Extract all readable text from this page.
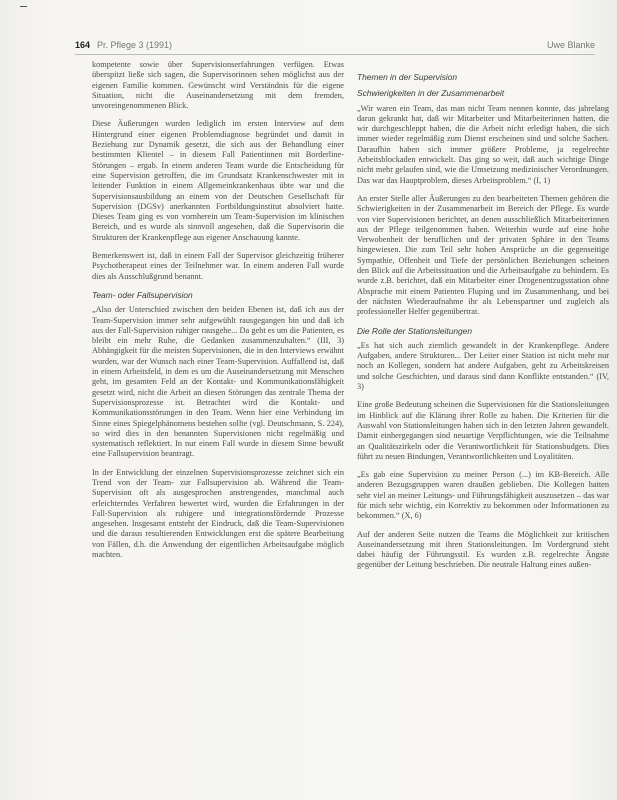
164 Pr. Pflege 3 (1991)	Uwe Blanke

kompetente sowie über Supervisionserfahrungen verfügen. Etwas überspitzt ließe sich sagen, die Supervisorinnen sehen möglichst aus der eigenen Familie kommen. Gewünscht wird Verständnis für die eigene Situation, nicht die Auseinandersetzung mit dem fremden, unvoreingenommenen Blick.

Diese Äußerungen wurden lediglich im ersten Interview auf dem Hintergrund einer eigenen Problemdiagnose begründet und damit in Beziehung zur Dynamik gesetzt, die sich aus der Behandlung einer bestimmten Klientel – in diesem Fall Patientinnen mit Borderline-Störungen – ergab. In einem anderen Team wurde die Entscheidung für eine Supervision getroffen, die im Grundsatz Krankenschwester mit in leitender Funktion in einem Allgemeinkrankenhaus übte war und die Supervisionsausbildung an einem von der Deutschen Gesellschaft für Supervision (DGSv) anerkannten Fortbildungsinstitut absolviert hatte. Dieses Team ging es von vornherein um Team-Supervision im klinischen Bereich, und es wurde als sinnvoll angesehen, daß die Supervisorin die Strukturen der Krankenpflege aus eigener Anschauung kannte.

Bemerkenswert ist, daß in einem Fall der Supervisor gleichzeitig früherer Psychotherapeut eines der Teilnehmer war. In einem anderen Fall wurde dies als Ausschlußgrund benannt.

Team- oder Fallsupervision

„Also der Unterschied zwischen den beiden Ebenen ist, daß ich aus der Team-Supervision immer sehr aufgewühlt rausgegangen bin und daß ich aus der Fall-Supervision ruhiger rausgehe... Da geht es um die Patienten, es bleibt ein mehr Ruhe, die Gedanken zusammenzuhalten.“ (III, 3) Abhängigkeit für die meisten Supervisionen, die in den Interviews erwähnt wurden, war der Wunsch nach einer Team-Supervision. Auffallend ist, daß in einem Arbeitsfeld, in dem es um die Auseinandersetzung mit Menschen geht, im gesamten Feld an der Kontakt- und Kommunikationsfähigkeit gesetzt wird, nicht die Arbeit an diesen Störungen das zentrale Thema der Supervisionsprozesse ist. Betrachtet wird die Kontakt- und Kommunikationsstörungen in den Team. Wenn hier eine Verbindung im Sinne eines Spiegelphänomens bestehen sollte (vgl. Deutschmann, S. 224), so wird dies in den benannten Supervisionen nicht regelmäßig und systematisch reflektiert. In nur einem Fall wurde in diesem Sinne bewußt eine Fallsupervision beantragt.

In der Entwicklung der einzelnen Supervisionsprozesse zeichnet sich ein Trend von der Team- zur Fallsupervision ab. Während die Team-Supervision oft als ausgesprochen anstrengendes, manchmal auch erleichterndes Verfahren bewertet wird, wurden die Erfahrungen in der Fall-Supervision als ruhigere und integrationsfördernde Prozesse angesehen. Insgesamt entsteht der Eindruck, daß die Team-Supervisionen und die daraus resultierenden Entwicklungen erst die spätere Bearbeitung von Fällen, d.h. die Anwendung der eigentlichen Arbeitsaufgabe möglich machten.

Themen in der Supervision
Schwierigkeiten in der Zusammenarbeit

„Wir waren ein Team, das man nicht Team nennen konnte, das jahrelang daran gekrankt hat, daß wir Mitarbeiter und Mitarbeiterinnen hatten, die wir durchgeschleppt haben, die die Arbeit nicht erledigt haben, die sich immer wieder regelmäßig zum Dienst erscheinen sind und solche Sachen. Daraufhin haben sich immer größere Probleme, ja regelrechte Arbeitsblockaden entwickelt. Das ging so weit, daß auch wichtige Dinge nicht mehr gelaufen sind, wie die Umsetzung medizinischer Verordnungen. Das war das Hauptproblem, dieses Arbeitsproblem.“ (I, 1)

An erster Stelle aller Äußerungen zu den bearbeiteten Themen gehören die Schwierigkeiten in der Zusammenarbeit im Bereich der Pflege. Es wurde von vier Supervisionen berichtet, an denen ausschließlich Mitarbeiterinnen aus der Pflege teilgenommen haben. Weiterhin wurde auf eine hohe Verwobenheit der beruflichen und der privaten Sphäre in den Teams hingewiesen. Die zum Teil sehr hohen Ansprüche an die gegenseitige Sympathie, Offenheit und Tiefe der persönlichen Beziehungen scheinen den Blick auf die Arbeitssituation und die Arbeitsaufgabe zu behindern. Es wurde z.B. berichtet, daß ein Mitarbeiter einer Drogenentzugsstation ohne Absprache mit einem Patienten Fluping und im Zusammenhang, und bei der nächsten Wiederaufnahme ihr als Lebenspartner und zugleich als professioneller Helfer gegenübertrat.

Die Rolle der Stationsleitungen

„Es hat sich auch ziemlich gewandelt in der Krankenpflege. Andere Aufgaben, andere Strukturen... Der Leiter einer Station ist nicht mehr nur noch an Kollegen, sondern hat andere Aufgaben, geht zu Arbeitskreisen und solche Geschichten, und daraus sind dann Konflikte entstanden.“ (IV, 3)

Eine große Bedeutung scheinen die Supervisionen für die Stationsleitungen im Hinblick auf die Klärung ihrer Rolle zu haben. Die Kriterien für die Auswahl von Stationsleitungen haben sich in den letzten Jahren gewandelt. Damit einhergegangen sind neuartige Verpflichtungen, wie die Teilnahme an Qualitätszirkeln oder die Verantwortlichkeit für Stationsbudgets. Dies führt zu neuen Bindungen, Verantwortlichkeiten und Loyalitäten.

„Es gab eine Supervision zu meiner Person (...) im KB-Bereich. Alle anderen Bezugsgruppen waren draußen geblieben. Die Kollegen hatten sehr viel an meiner Leitungs- und Führungsfähigkeit auszusetzen – das war für mich sehr wichtig, ein Korrektiv zu bekommen oder Informationen zu bekommen.“ (X, 6)

Auf der anderen Seite nutzen die Teams die Möglichkeit zur kritischen Auseinandersetzung mit ihren Stationsleitungen. Im Vordergrund steht dabei häufig der Führungsstil. Es wurden z.B. regelrechte Ängste gegenüber der Leitung beschrieben. Die neutrale Haltung eines außen-
